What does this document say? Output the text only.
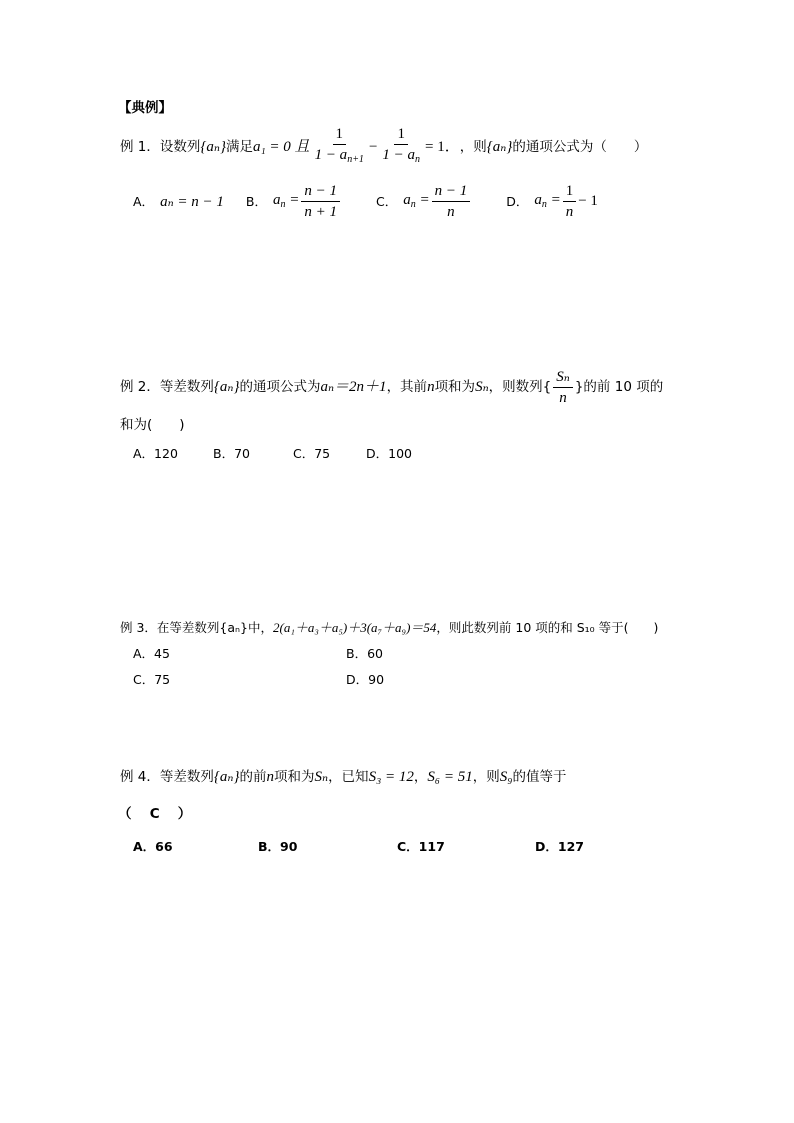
【典例】
例 1．设数列 {aₙ} 满足 a₁ = 0 且 $\frac{1}{1 - a_{n+1}} - \frac{1}{1 - a_n} = 1$． ，则 {aₙ} 的通项公式为（　　）
A． aₙ = n − 1 B． $a_n = \frac{n - 1}{n + 1}$	C． $a_n = \frac{n - 1}{n}$	D． $a_n = \frac{1}{n} - 1$
例 2．等差数列 {aₙ} 的通项公式为 aₙ＝2n＋1 ，其前 n 项和为 Sₙ ，则数列{ $\frac{\text{Sₙ}}{n}$ }的前 10 项的
和为(　　)
A．120	B．70	C．75	D．100
例 3．在等差数列{aₙ}中， 2(a₁＋a₃＋a₅)＋3(a₇＋a₉)＝54 ，则此数列前 10 项的和 S₁₀ 等于(　　)
A．45	B．60
C．75	D．90
例 4．等差数列 {aₙ} 的前 n 项和为 Sₙ ，已知 S₃ = 12 ， S₆ = 51 ，则 S₉ 的值等于
（　 C 　）
A．66	B．90	C．117	D．127
